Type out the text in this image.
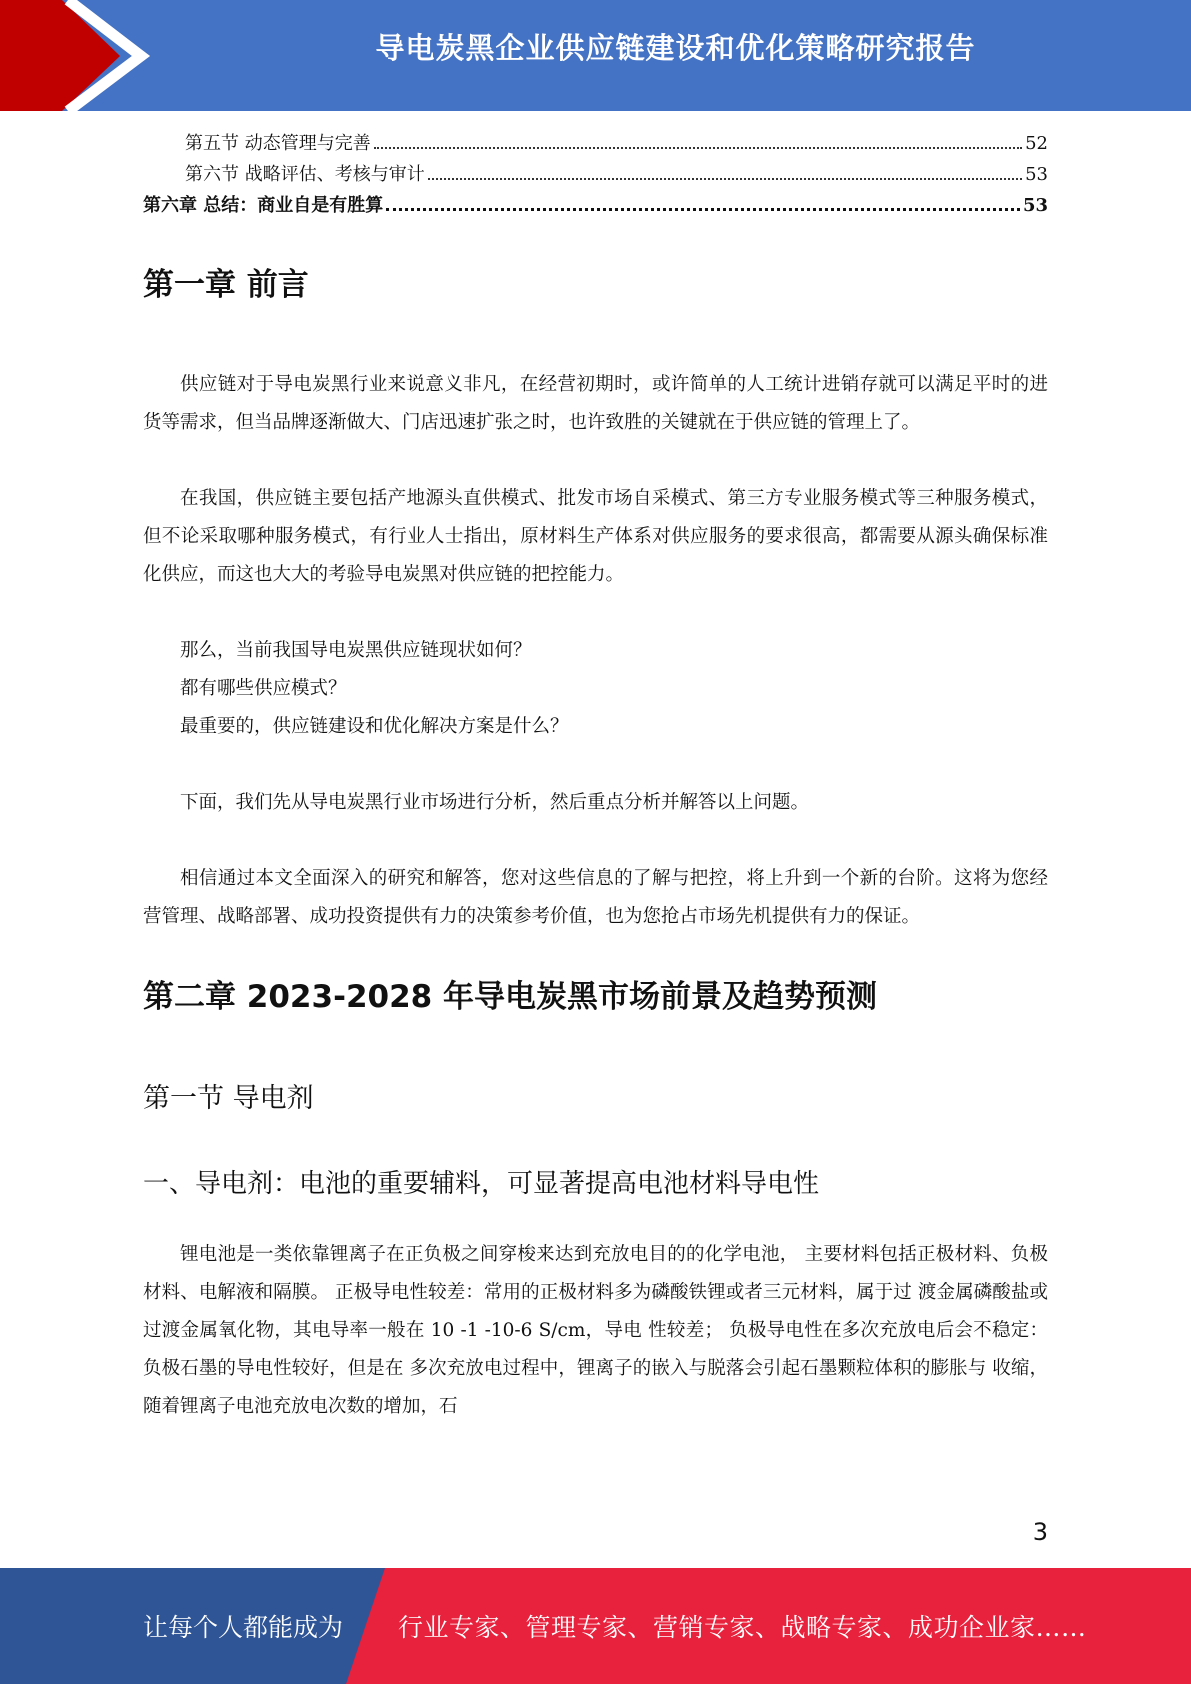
导电炭黑企业供应链建设和优化策略研究报告
第五节 动态管理与完善	52
第六节 战略评估、考核与审计	53
第六章 总结：商业自是有胜算	53
第一章 前言

供应链对于导电炭黑行业来说意义非凡，在经营初期时，或许简单的人工统计进销存就可以满足平时的进货等需求，但当品牌逐渐做大、门店迅速扩张之时，也许致胜的关键就在于供应链的管理上了。

在我国，供应链主要包括产地源头直供模式、批发市场自采模式、第三方专业服务模式等三种服务模式，但不论采取哪种服务模式，有行业人士指出，原材料生产体系对供应服务的要求很高，都需要从源头确保标准化供应，而这也大大的考验导电炭黑对供应链的把控能力。

那么，当前我国导电炭黑供应链现状如何？

都有哪些供应模式？

最重要的，供应链建设和优化解决方案是什么？

下面，我们先从导电炭黑行业市场进行分析，然后重点分析并解答以上问题。

相信通过本文全面深入的研究和解答，您对这些信息的了解与把控，将上升到一个新的台阶。这将为您经营管理、战略部署、成功投资提供有力的决策参考价值，也为您抢占市场先机提供有力的保证。

第二章 2023-2028 年导电炭黑市场前景及趋势预测
第一节 导电剂
一、导电剂：电池的重要辅料，可显著提高电池材料导电性

锂电池是一类依靠锂离子在正负极之间穿梭来达到充放电目的的化学电池， 主要材料包括正极材料、负极材料、电解液和隔膜。 正极导电性较差：常用的正极材料多为磷酸铁锂或者三元材料，属于过 渡金属磷酸盐或过渡金属氧化物，其电导率一般在 10 -1 -10-6 S/cm，导电 性较差； 负极导电性在多次充放电后会不稳定：负极石墨的导电性较好，但是在 多次充放电过程中，锂离子的嵌入与脱落会引起石墨颗粒体积的膨胀与 收缩，随着锂离子电池充放电次数的增加，石

3
让每个人都能成为 行业专家、管理专家、营销专家、战略专家、成功企业家……
